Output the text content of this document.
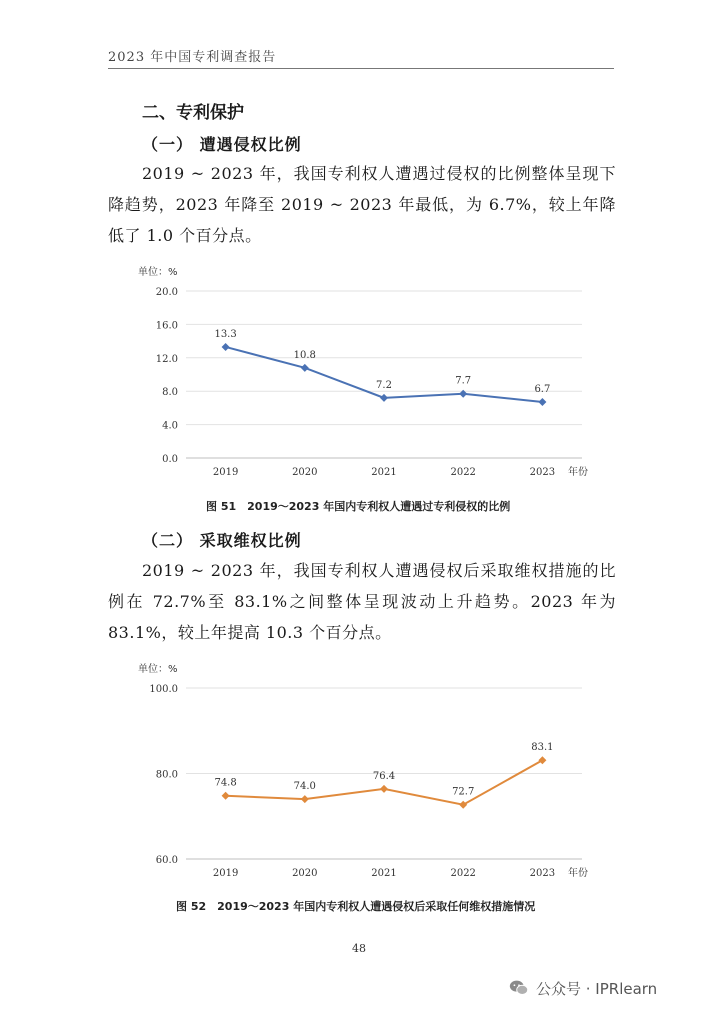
2023 年中国专利调查报告
二、专利保护
（一） 遭遇侵权比例
2019 ~ 2023 年，我国专利权人遭遇过侵权的比例整体呈现下降趋势，2023 年降至 2019 ~ 2023 年最低，为 6.7%，较上年降低了 1.0 个百分点。
单位：%
0.0
4.0
8.0
12.0
16.0
20.0
2019	2020	2021	2022	2023 年份
13.3
10.8
7.2	7.7
6.7
图 51　2019～2023 年国内专利权人遭遇过专利侵权的比例
（二） 采取维权比例
2019 ~ 2023 年，我国专利权人遭遇侵权后采取维权措施的比例在 72.7%至 83.1%之间整体呈现波动上升趋势。2023 年为 83.1%，较上年提高 10.3 个百分点。
单位：%
60.0
80.0
100.0
2019	2020	2021	2022	2023 年份
74.8	74.0
76.4
72.7
83.1
图 52　2019～2023 年国内专利权人遭遇侵权后采取任何维权措施情况
48
公众号 · IPRlearn
